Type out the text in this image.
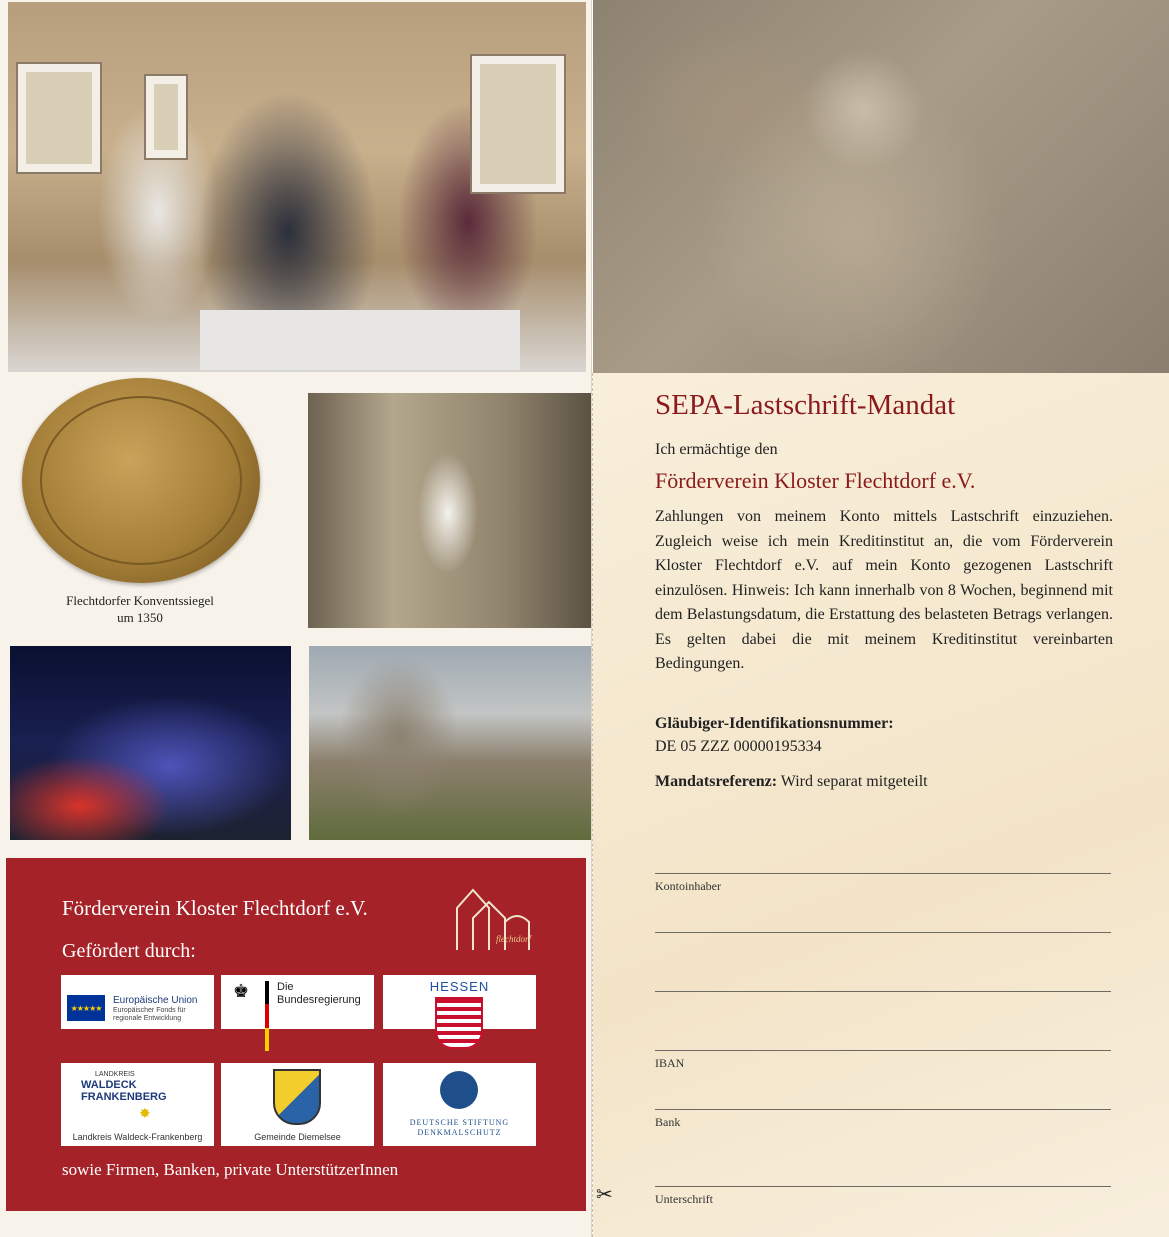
Flechtdorfer Konventssiegel
um 1350
Förderverein Kloster Flechtdorf e.V.
Gefördert durch:
flechtdorf
★★★★★
Europäische Union
Europäischer Fonds für regionale Entwicklung
♚	Die Bundesregierung
HESSEN
LANDKREIS
WALDECK FRANKENBERG
✸
Landkreis Waldeck-Frankenberg	Gemeinde Diemelsee
DEUTSCHE STIFTUNG DENKMALSCHUTZ
sowie Firmen, Banken, private UnterstützerInnen
SEPA-Lastschrift-Mandat
Ich ermächtige den
Förderverein Kloster Flechtdorf e.V.
Zahlungen von meinem Konto mittels Lastschrift einzuziehen. Zugleich weise ich mein Kreditinstitut an, die vom Förderverein Kloster Flechtdorf e.V. auf mein Konto gezogenen Lastschrift einzulösen. Hinweis: Ich kann innerhalb von 8 Wochen, beginnend mit dem Belastungsdatum, die Erstattung des belasteten Betrags verlangen. Es gelten dabei die mit meinem Kreditinstitut vereinbarten Bedingungen.
Gläubiger-Identifikationsnummer:
DE 05 ZZZ 00000195334
Mandatsreferenz: Wird separat mitgeteilt
Kontoinhaber
IBAN
Bank
Unterschrift
✂
